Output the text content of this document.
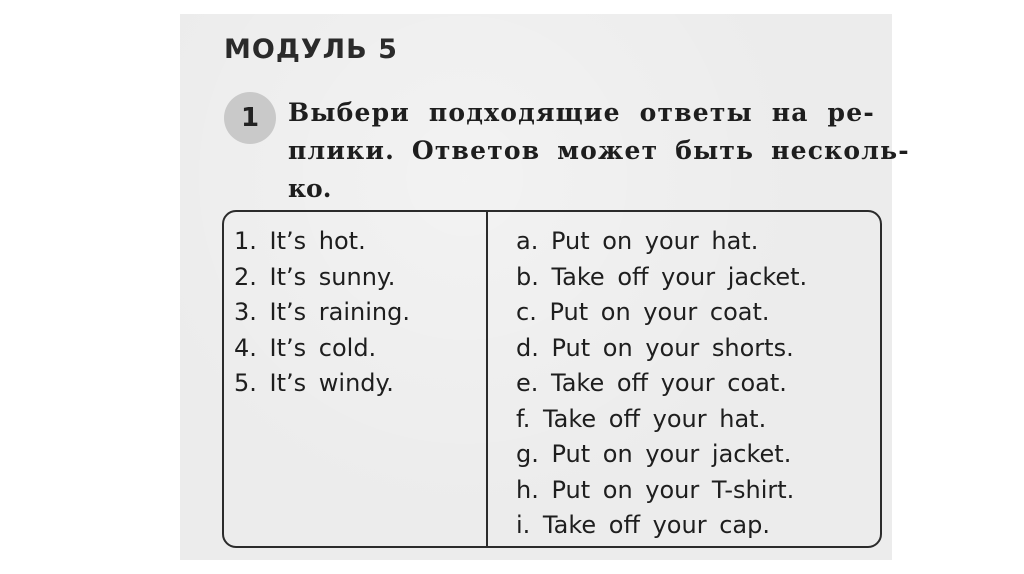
МОДУЛЬ 5
1	Выбери подходящие ответы на ре-
плики. Ответов может быть несколь-
ко.
1. It’s hot.
2. It’s sunny.
3. It’s raining.
4. It’s cold.
5. It’s windy.
a. Put on your hat.
b. Take off your jacket.
c. Put on your coat.
d. Put on your shorts.
e. Take off your coat.
f. Take off your hat.
g. Put on your jacket.
h. Put on your T-shirt.
i. Take off your cap.
